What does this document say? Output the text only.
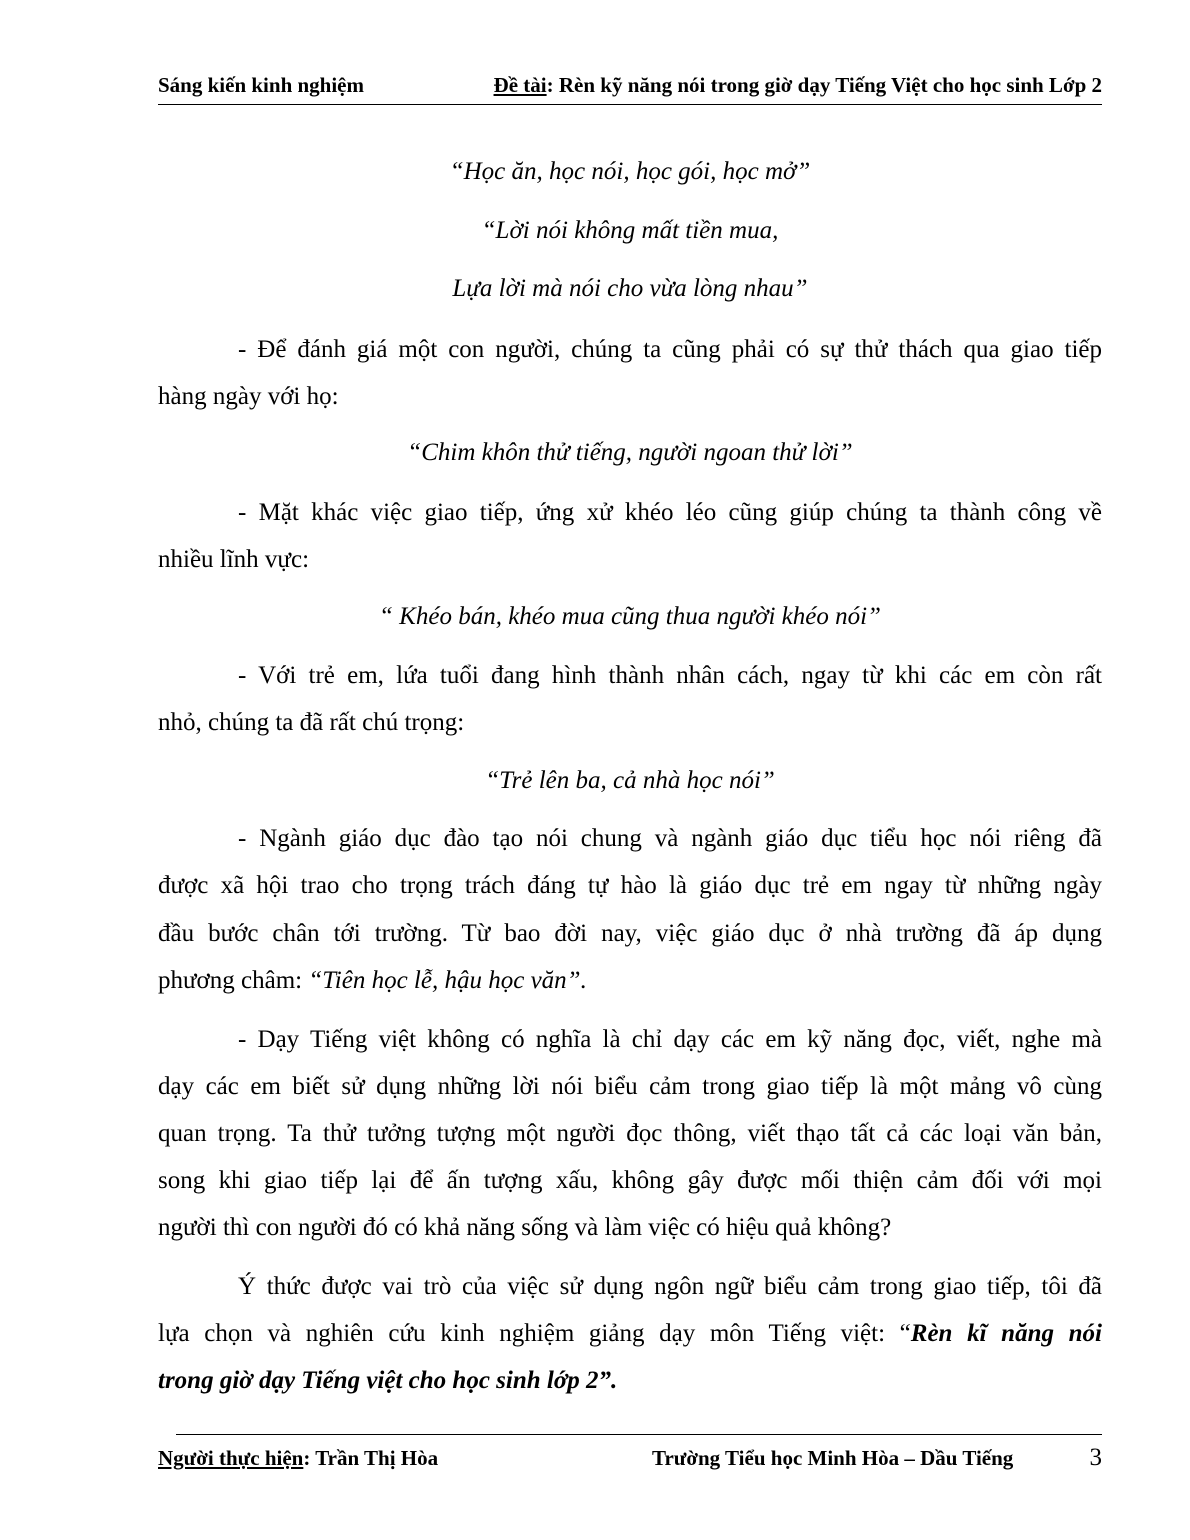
Sáng kiến kinh nghiệm	Đề tài: Rèn kỹ năng nói trong giờ dạy Tiếng Việt cho học sinh Lớp 2
“Học ăn, học nói, học gói, học mở”
“Lời nói không mất tiền mua,
Lựa lời mà nói cho vừa lòng nhau”
- Để đánh giá một con người, chúng ta cũng phải có sự thử thách qua giao tiếp
hàng ngày với họ:
“Chim khôn thử tiếng, người ngoan thử lời”
- Mặt khác việc giao tiếp, ứng xử khéo léo cũng giúp chúng ta thành công về
nhiều lĩnh vực:
“ Khéo bán, khéo mua cũng thua người khéo nói”
- Với trẻ em, lứa tuổi đang hình thành nhân cách, ngay từ khi các em còn rất
nhỏ, chúng ta đã rất chú trọng:
“Trẻ lên ba, cả nhà học nói”
- Ngành giáo dục đào tạo nói chung và ngành giáo dục tiểu học nói riêng đã
được xã hội trao cho trọng trách đáng tự hào là giáo dục trẻ em ngay từ những ngày
đầu bước chân tới trường. Từ bao đời nay, việc giáo dục ở nhà trường đã áp dụng
phương châm: “Tiên học lễ, hậu học văn”.
- Dạy Tiếng việt không có nghĩa là chỉ dạy các em kỹ năng đọc, viết, nghe mà
dạy các em biết sử dụng những lời nói biểu cảm trong giao tiếp là một mảng vô cùng
quan trọng. Ta thử tưởng tượng một người đọc thông, viết thạo tất cả các loại văn bản,
song khi giao tiếp lại để ấn tượng xấu, không gây được mối thiện cảm đối với mọi
người thì con người đó có khả năng sống và làm việc có hiệu quả không?
Ý thức được vai trò của việc sử dụng ngôn ngữ biểu cảm trong giao tiếp, tôi đã
lựa chọn và nghiên cứu kinh nghiệm giảng dạy môn Tiếng việt: “Rèn kĩ năng nói
trong giờ dạy Tiếng việt cho học sinh lớp 2”.
Người thực hiện: Trần Thị Hòa	Trường Tiểu học Minh Hòa – Dầu Tiếng	3
